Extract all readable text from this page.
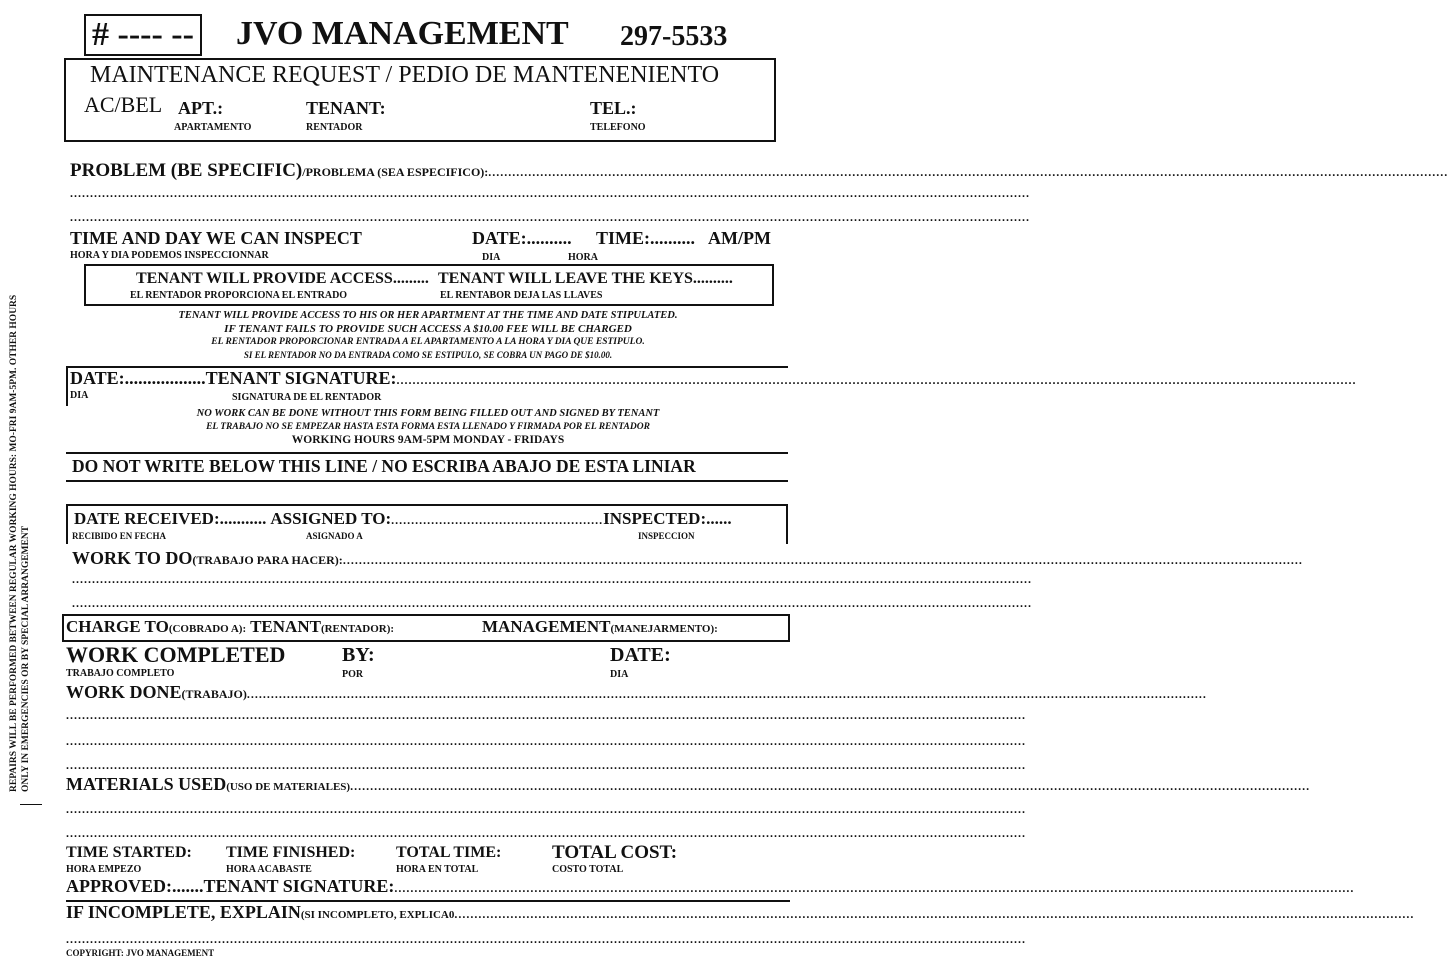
# ---- -- JVO MANAGEMENT 297-5533
MAINTENANCE REQUEST / PEDIO DE MANTENENIENTO
AC/BEL APT.:
APARTAMENTO
TENANT:
RENTADOR
TEL.:
TELEFONO
REPAIRS WILL BE PERFORMED BETWEEN REGULAR WORKING HOURS: MO-FRI 9AM-5PM. OTHER HOURS ONLY IN EMERGENCIES OR BY SPECIAL ARRANGEMENT
PROBLEM (BE SPECIFIC)/PROBLEMA (SEA ESPECIFICO):................................................................................................................................................................................................................................................
................................................................................................................................................................................................................................................
................................................................................................................................................................................................................................................
TIME AND DAY WE CAN INSPECT
HORA Y DIA PODEMOS INSPECCIONNAR
DATE:..........
DIA
TIME:..........
HORA
AM/PM
TENANT WILL PROVIDE ACCESS.........
EL RENTADOR PROPORCIONA EL ENTRADO
TENANT WILL LEAVE THE KEYS..........
EL RENTABOR DEJA LAS LLAVES
TENANT WILL PROVIDE ACCESS TO HIS OR HER APARTMENT AT THE TIME AND DATE STIPULATED.
IF TENANT FAILS TO PROVIDE SUCH ACCESS A $10.00 FEE WILL BE CHARGED
EL RENTADOR PROPORCIONAR ENTRADA A EL APARTAMENTO A LA HORA Y DIA QUE ESTIPULO.
SI EL RENTADOR NO DA ENTRADA COMO SE ESTIPULO, SE COBRA UN PAGO DE $10.00.
DATE:..................TENANT SIGNATURE:................................................................................................................................................................................................................................................
DIA	SIGNATURA DE EL RENTADOR
NO WORK CAN BE DONE WITHOUT THIS FORM BEING FILLED OUT AND SIGNED BY TENANT
EL TRABAJO NO SE EMPEZAR HASTA ESTA FORMA ESTA LLENADO Y FIRMADA POR EL RENTADOR
WORKING HOURS 9AM-5PM MONDAY - FRIDAYS
DO NOT WRITE BELOW THIS LINE / NO ESCRIBA ABAJO DE ESTA LINIAR
DATE RECEIVED:........... ASSIGNED TO:.....................................................INSPECTED:......
RECIBIDO EN FECHA	ASIGNADO A	INSPECCION
WORK TO DO(TRABAJO PARA HACER):................................................................................................................................................................................................................................................
................................................................................................................................................................................................................................................
................................................................................................................................................................................................................................................
CHARGE TO(COBRADO A): TENANT(RENTADOR):	MANAGEMENT(MANEJARMENTO):
WORK COMPLETED
TRABAJO COMPLETO
BY:
POR
DATE:
DIA
WORK DONE(TRABAJO)................................................................................................................................................................................................................................................
................................................................................................................................................................................................................................................
................................................................................................................................................................................................................................................
................................................................................................................................................................................................................................................
MATERIALS USED(USO DE MATERIALES)................................................................................................................................................................................................................................................
................................................................................................................................................................................................................................................
................................................................................................................................................................................................................................................
TIME STARTED:
HORA EMPEZO
TIME FINISHED:
HORA ACABASTE
TOTAL TIME:
HORA EN TOTAL
TOTAL COST:
COSTO TOTAL
APPROVED:.......TENANT SIGNATURE:................................................................................................................................................................................................................................................
IF INCOMPLETE, EXPLAIN(SI INCOMPLETO, EXPLICA0................................................................................................................................................................................................................................................
................................................................................................................................................................................................................................................
COPYRIGHT: JVO MANAGEMENT
